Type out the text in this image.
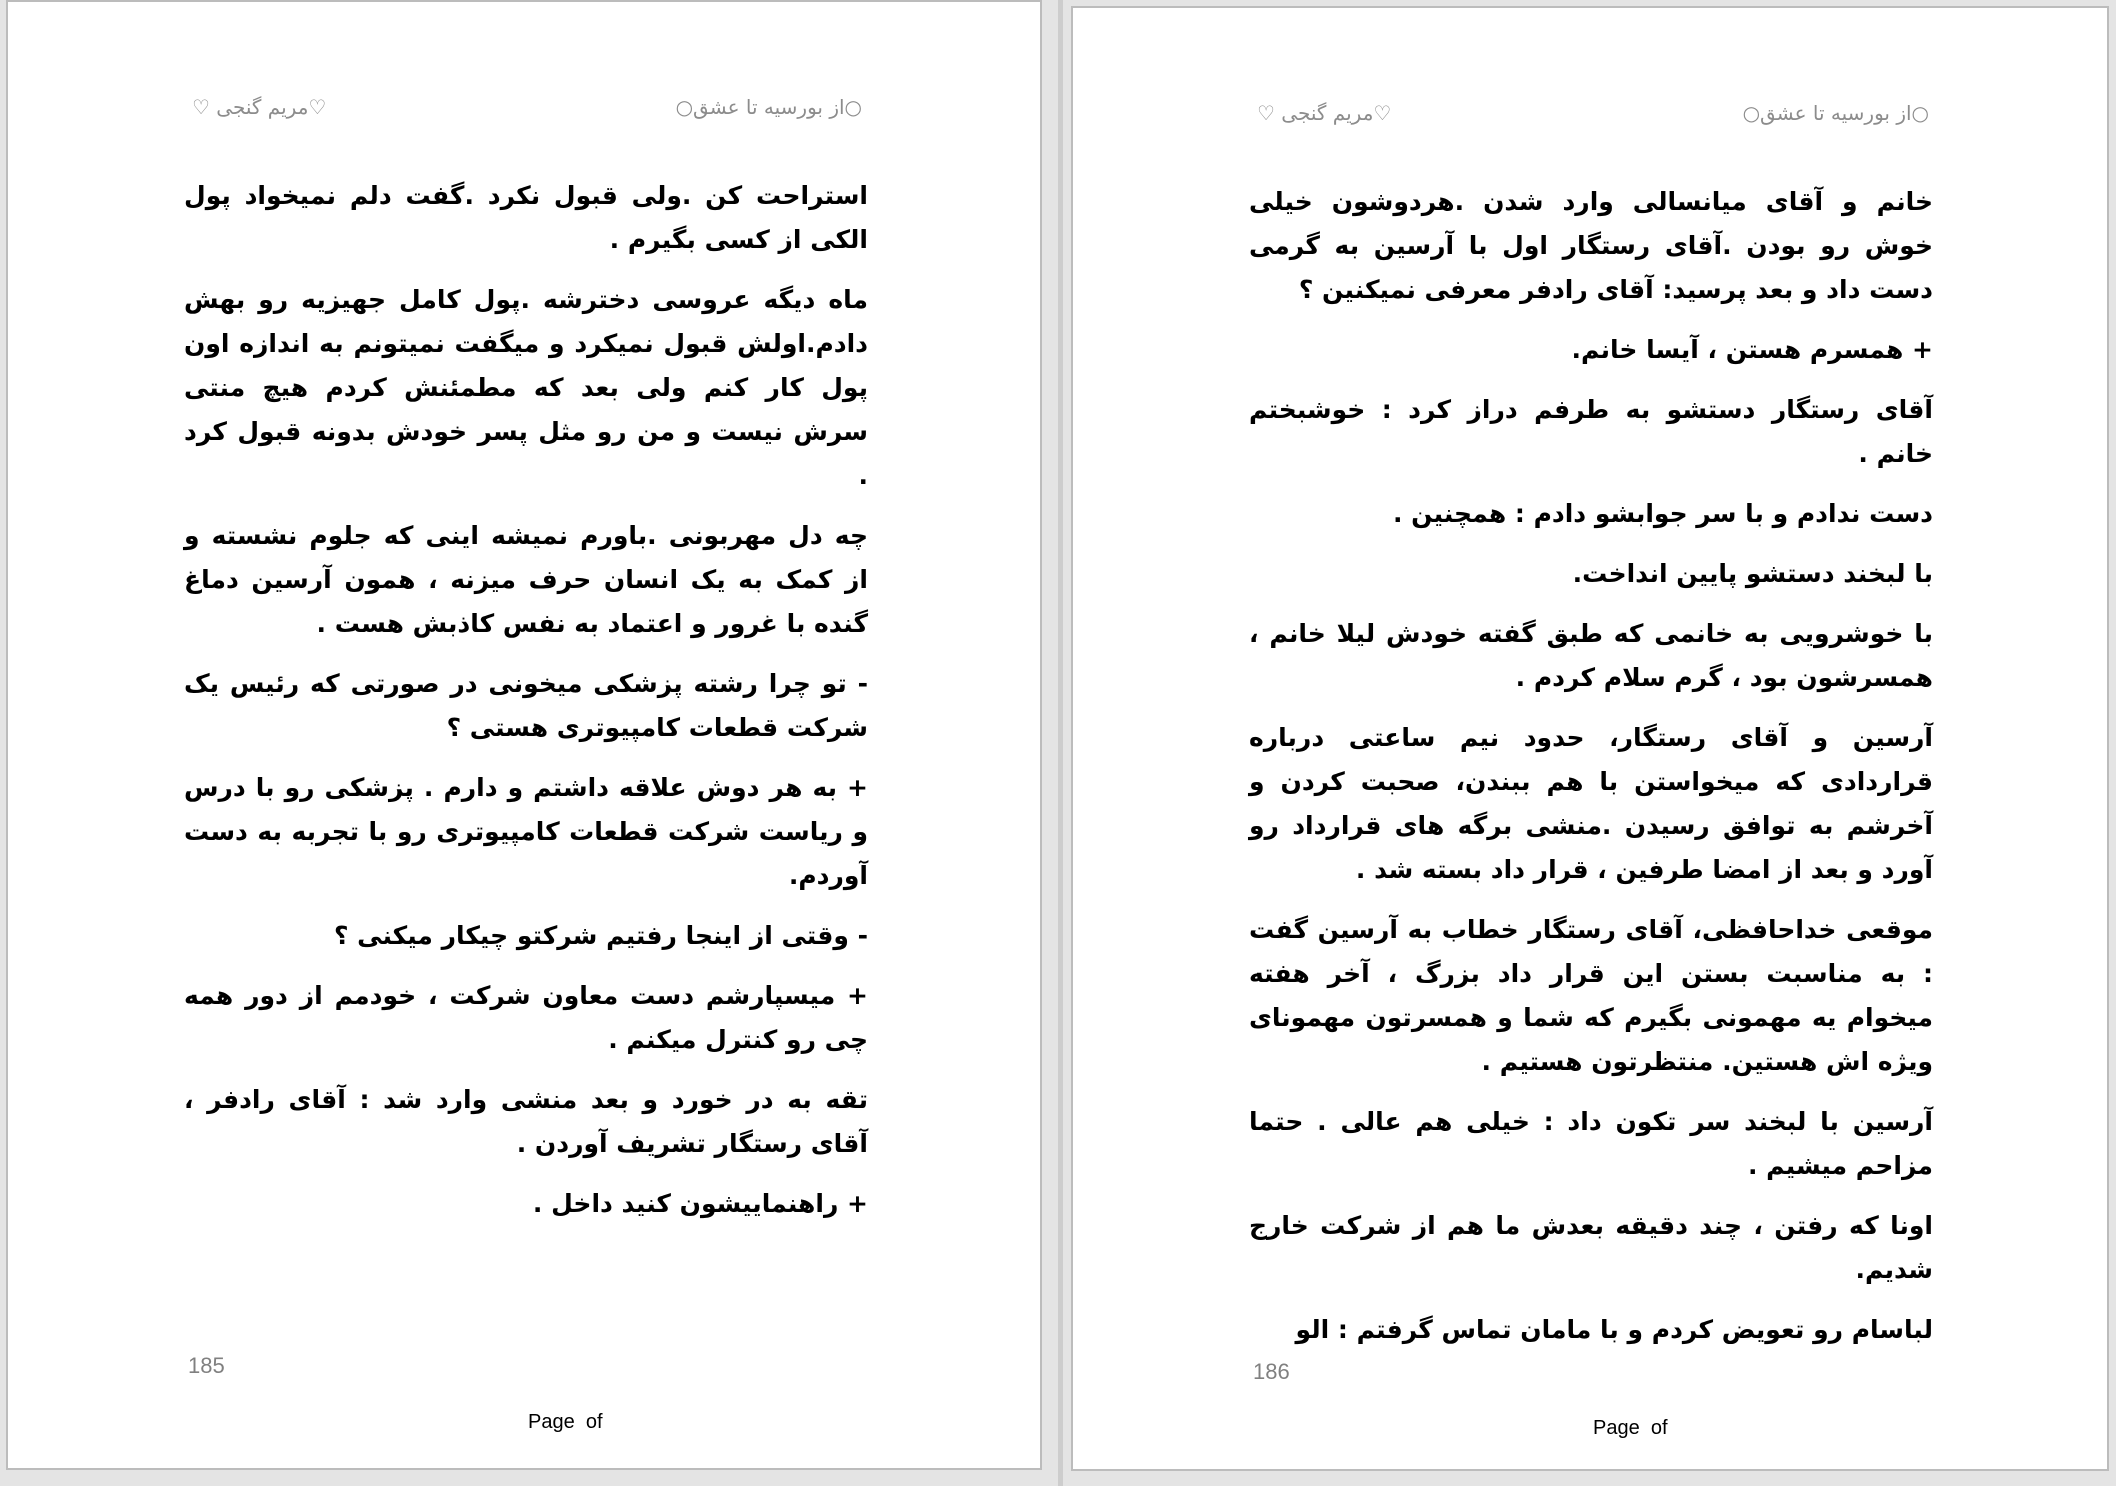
○از بورسیه تا عشق○
♡ مریم گنجی♡

استراحت کن .ولی قبول نکرد .گفت دلم نمیخواد پول الکی از کسی بگیرم .

ماه دیگه عروسی دخترشه .پول کامل جهیزیه رو بهش دادم.اولش قبول نمیکرد و میگفت نمیتونم به اندازه اون پول کار کنم ولی بعد که مطمئنش کردم هیچ منتی سرش نیست و من رو مثل پسر خودش بدونه قبول کرد .

چه دل مهربونی .باورم نمیشه اینی که جلوم نشسته و از کمک به یک انسان حرف میزنه ، همون آرسین دماغ گنده با غرور و اعتماد به نفس کاذبش هست .

- تو چرا رشته پزشکی میخونی در صورتی که رئیس یک شرکت قطعات کامپیوتری هستی ؟

+ به هر دوش علاقه داشتم و دارم . پزشکی رو با درس و ریاست شرکت قطعات کامپیوتری رو با تجربه به دست آوردم.

- وقتی از اینجا رفتیم شرکتو چیکار میکنی ؟

+ میسپارشم دست معاون شرکت ، خودمم از دور همه چی رو کنترل میکنم .

تقه به در خورد و بعد منشی وارد شد : آقای رادفر ، آقای رستگار تشریف آوردن .

+ راهنماییشون کنید داخل .

185
Page  of
○از بورسیه تا عشق○
♡ مریم گنجی♡

خانم و آقای میانسالی وارد شدن .هردوشون خیلی خوش رو بودن .آقای رستگار اول با آرسین به گرمی دست داد و بعد پرسید: آقای رادفر معرفی نمیکنین ؟

+ همسرم هستن ، آیسا خانم.

آقای رستگار دستشو به طرفم دراز کرد : خوشبختم خانم .

دست ندادم و با سر جوابشو دادم : همچنین .

با لبخند دستشو پایین انداخت.

با خوشرویی به خانمی که طبق گفته خودش لیلا خانم ، همسرشون بود ، گرم سلام کردم .

آرسین و آقای رستگار، حدود نیم ساعتی درباره قراردادی که میخواستن با هم ببندن، صحبت کردن و آخرشم به توافق رسیدن .منشی برگه های قرارداد رو آورد و بعد از امضا طرفین ، قرار داد بسته شد .

موقعی خداحافظی، آقای رستگار خطاب به آرسین گفت : به مناسبت بستن این قرار داد بزرگ ، آخر هفته میخوام یه مهمونی بگیرم که شما و همسرتون مهمونای ویژه اش هستین. منتظرتون هستیم .

آرسین با لبخند سر تکون داد : خیلی هم عالی . حتما مزاحم میشیم .

اونا که رفتن ، چند دقیقه بعدش ما هم از شرکت خارج شدیم.

لباسام رو تعویض کردم و با مامان تماس گرفتم : الو

186
Page  of
